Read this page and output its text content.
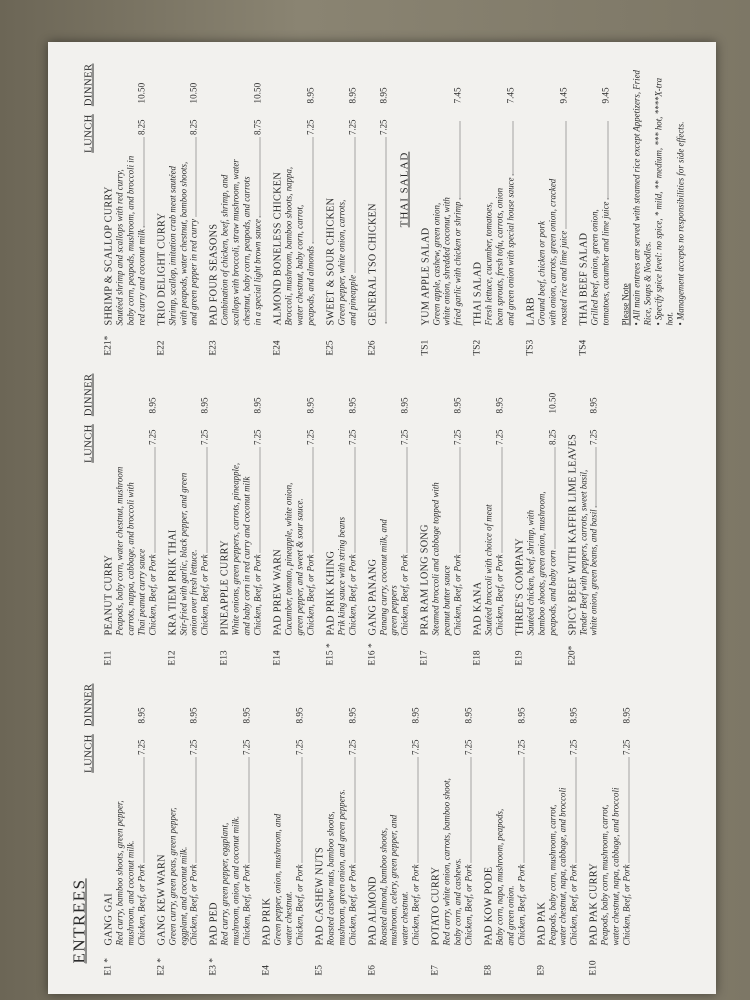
ENTREES
LUNCH
DINNER
E1 *
GANG GAI Red curry, bamboo shoots, green pepper, mushroom, and coconut milk. Chicken, Beef, or Pork
7.25
8.95
E2 *
GANG KEW WARN Green curry, green peas, green pepper, eggplant, and coconut milk. Chicken, Beef, or Pork
7.25
8.95
E3 *
PAD PED Red curry, green pepper, eggplant, mushroom, onion, and coconut milk. Chicken, Beef, or Pork
7.25
8.95
E4
PAD PRIK Green pepper, onion, mushroom, and water chestnut. Chicken, Beef, or Pork
7.25
8.95
E5
PAD CASHEW NUTS Roasted cashew nuts, bamboo shoots, mushroom, green onion, and green peppers. Chicken, Beef, or Pork
7.25
8.95
E6
PAD ALMOND Roasted almond, bamboo shoots, mushroom, celery, green pepper, and water chestnut. Chicken, Beef, or Pork
7.25
8.95
E7
POTATO CURRY Red curry, white onion, carrots, bamboo shoot, baby corn, and cashews. Chicken, Beef, or Pork
7.25
8.95
E8
PAD KOW PODE Baby corn, napa, mushroom, peapods, and green onion. Chicken, Beef, or Pork
7.25
8.95
E9
PAD PAK Peapods, baby corn, mushroom, carrot, water chestnut, napa, cabbage, and broccoli Chicken, Beef, or Pork
7.25
8.95
E10
PAD PAK CURRY Peapods, baby corn, mushroom, carrot, water chestnut, napa, cabbage, and broccoli Chicken, Beef, or Pork
7.25
8.95
LUNCH
DINNER
E11
PEANUT CURRY Peapods, baby corn, water chestnut, mushroom carrots, nappa, cabbage, and broccoli with Thai peanut curry sauce Chicken, Beef, or Pork
7.25
8.95
E12
KRA TIEM PRIK THAI Stir-fried with garlic, black pepper, and green onion over fresh lettuce. Chicken, Beef, or Pork
7.25
8.95
E13
PINEAPPLE CURRY White onions, green peppers, carrots, pineapple, and baby corn in red curry and coconut milk Chicken, Beef, or Pork
7.25
8.95
E14
PAD PREW WARN Cucumber, tomato, pineapple, white onion, green pepper, and sweet & sour sauce. Chicken, Beef, or Pork
7.25
8.95
E15 *
PAD PRIK KHING Prik king sauce with string beans Chicken, Beef, or Pork
7.25
8.95
E16 *
GANG PANANG Panang curry, coconut milk, and green peppers Chicken, Beef, or Pork
7.25
8.95
E17
PRA RAM LONG SONG Steamed broccoli and cabbage topped with peanut butter sauce Chicken, Beef, or Pork
7.25
8.95
E18
PAD KANA Sautéed broccoli with choice of meat Chicken, Beef, or Pork
7.25
8.95
E19
THREE'S COMPANY Sautéed chicken, beef, shrimp, with bamboo shoots, green onion, mushroom, peapods, and baby corn
8.25
10.50
E20*
SPICY BEEF WITH KAFFIR LIME LEAVES Tender Beef with peppers, carrots, sweet basil, white onion, green beans, and basil
7.25
8.95
LUNCH
DINNER
E21*
SHRIMP & SCALLOP CURRY Sautéed shrimp and scallops with red curry, baby corn, peapods, mushroom, and broccoli in red curry and coconut milk
8.25
10.50
E22
TRIO DELIGHT CURRY Shrimp, scallop, imitation crab meat sautéed with peapods, water chestnut, bamboo shoots, and green pepper in red curry
8.25
10.50
E23
PAD FOUR SEASONS Combination of chicken, beef, shrimp, and scallops with broccoli, straw mushroom, water chestnut, baby corn, peapods, and carrots in a special light brown sauce
8.75
10.50
E24
ALMOND BONELESS CHICKEN Broccoli, mushroom, bamboo shoots, nappa, water chestnut, baby corn, carrot, peapods, and almonds
7.25
8.95
E25
SWEET & SOUR CHICKEN Green pepper, white onion, carrots, and pineapple
7.25
8.95
E26
GENERAL TSO CHICKEN
7.25
8.95
THAI SALAD
TS1
YUM APPLE SALAD Green apple, cashew, green onion, white onion, shredded coconut, with fried garlic with chicken or shrimp
7.45
TS2
THAI SALAD Fresh lettuce, cucumber, tomatoes, bean sprouts, fresh tofu, carrots, onion and green onion with special house sauce
7.45
TS3
LARB Ground beef, chicken or pork with onion, carrots, green onion, cracked roasted rice and lime juice
9.45
TS4
THAI BEEF SALAD Grilled beef, onion, green onion, tomatoes, cucumber and lime juice
9.45
Please Note • All main entrees are served with steamed rice except Appetizers, Fried Rice, Soups & Noodles. • Specify spice level: no spice, * mild, ** medium, *** hot, ****X-tra hot. • Management accepts no responsibilities for side effects.
